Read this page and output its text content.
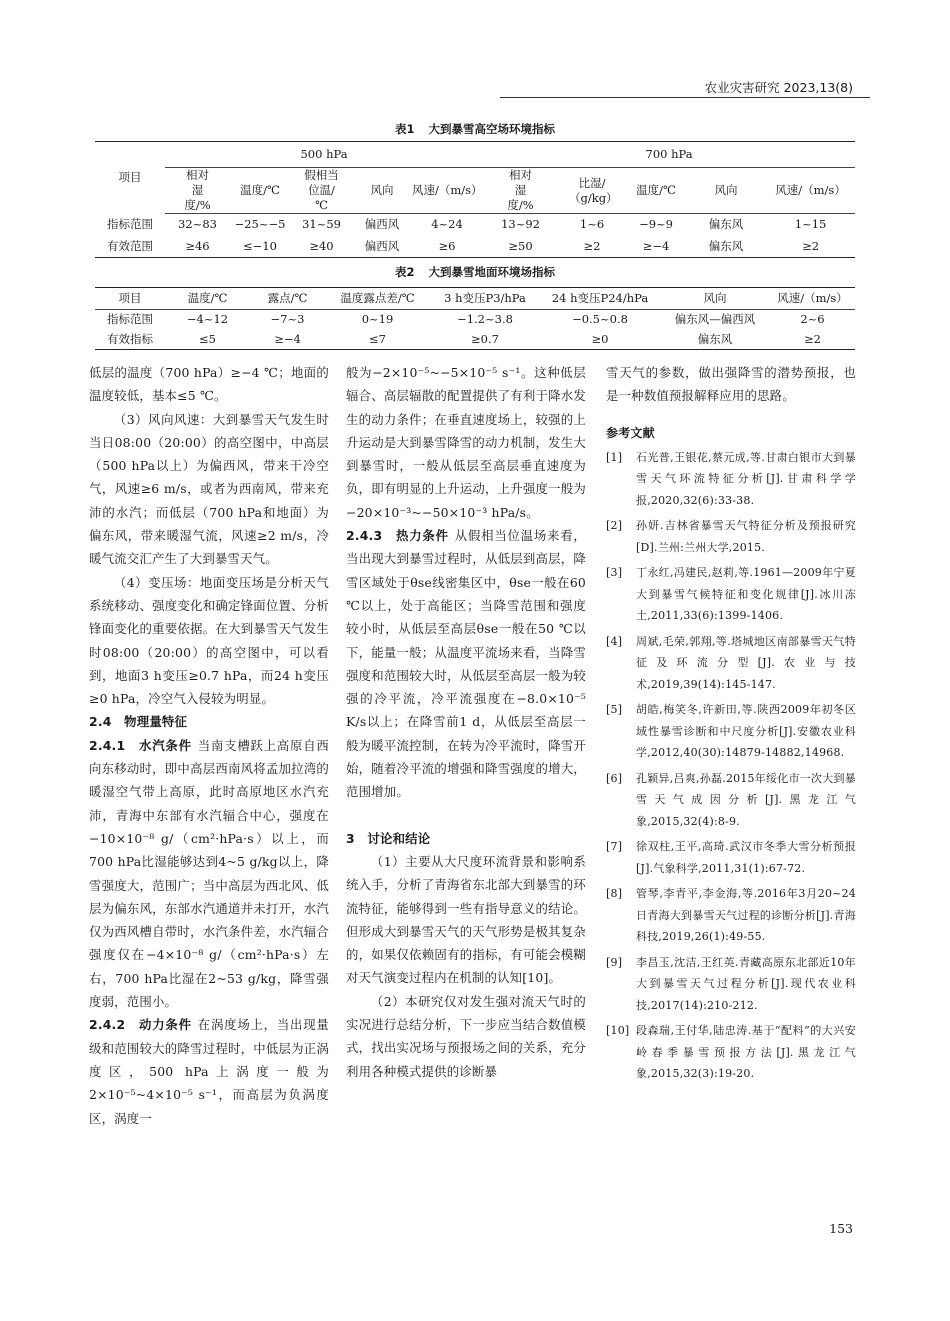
农业灾害研究 2023,13(8)
表1 大到暴雪高空场环境指标
项目	500 hPa					700 hPa				
	相对湿度/%	温度/℃	假相当位温/℃	风向	风速/（m/s）	相对湿度/%	比湿/（g/kg）	温度/℃	风向	风速/（m/s）
指标范围	32~83	−25~−5	31~59	偏西风	4~24	13~92	1~6	−9~9	偏东风	1~15
有效范围	≥46	≤−10	≥40	偏西风	≥6	≥50	≥2	≥−4	偏东风	≥2
表2 大到暴雪地面环境场指标
项目	温度/℃	露点/℃	温度露点差/℃	3 h变压P3/hPa	24 h变压P24/hPa	风向	风速/（m/s）
指标范围	−4~12	−7~3	0~19	−1.2~3.8	−0.5~0.8	偏东风—偏西风	2~6
有效指标	≤5	≥−4	≤7	≥0.7	≥0	偏东风	≥2

低层的温度（700 hPa）≥−4 ℃；地面的温度较低，基本≤5 ℃。

（3）风向风速：大到暴雪天气发生时当日08:00（20:00）的高空图中，中高层（500 hPa以上）为偏西风，带来干冷空气，风速≥6 m/s，或者为西南风，带来充沛的水汽；而低层（700 hPa和地面）为偏东风，带来暖湿气流，风速≥2 m/s，冷暖气流交汇产生了大到暴雪天气。

（4）变压场：地面变压场是分析天气系统移动、强度变化和确定锋面位置、分析锋面变化的重要依据。在大到暴雪天气发生时08:00（20:00）的高空图中，可以看到，地面3 h变压≥0.7 hPa，而24 h变压≥0 hPa，冷空气入侵较为明显。

2.4　物理量特征

2.4.1　水汽条件 当南支槽跃上高原自西向东移动时，即中高层西南风将孟加拉湾的暖湿空气带上高原，此时高原地区水汽充沛，青海中东部有水汽辐合中心，强度在−10×10⁻⁸ g/（cm²·hPa·s）以上，而700 hPa比湿能够达到4~5 g/kg以上，降雪强度大，范围广；当中高层为西北风、低层为偏东风，东部水汽通道并未打开，水汽仅为西风槽自带时，水汽条件差，水汽辐合强度仅在−4×10⁻⁸ g/（cm²·hPa·s）左右，700 hPa比湿在2~53 g/kg，降雪强度弱，范围小。

2.4.2　动力条件 在涡度场上，当出现量级和范围较大的降雪过程时，中低层为正涡度区，500 hPa上涡度一般为2×10⁻⁵~4×10⁻⁵ s⁻¹，而高层为负涡度区，涡度一

般为−2×10⁻⁵~−5×10⁻⁵ s⁻¹。这种低层辐合、高层辐散的配置提供了有利于降水发生的动力条件；在垂直速度场上，较强的上升运动是大到暴雪降雪的动力机制，发生大到暴雪时，一般从低层至高层垂直速度为负，即有明显的上升运动，上升强度一般为−20×10⁻³~−50×10⁻³ hPa/s。

2.4.3　热力条件 从假相当位温场来看，当出现大到暴雪过程时，从低层到高层，降雪区域处于θse线密集区中，θse一般在60 ℃以上，处于高能区；当降雪范围和强度较小时，从低层至高层θse一般在50 ℃以下，能量一般；从温度平流场来看，当降雪强度和范围较大时，从低层至高层一般为较强的冷平流，冷平流强度在−8.0×10⁻⁵ K/s以上；在降雪前1 d，从低层至高层一般为暖平流控制，在转为冷平流时，降雪开始，随着冷平流的增强和降雪强度的增大，范围增加。

3　讨论和结论

（1）主要从大尺度环流背景和影响系统入手，分析了青海省东北部大到暴雪的环流特征，能够得到一些有指导意义的结论。但形成大到暴雪天气的天气形势是极其复杂的，如果仅依赖固有的指标，有可能会模糊对天气演变过程内在机制的认知[10]。

（2）本研究仅对发生强对流天气时的实况进行总结分析，下一步应当结合数值模式，找出实况场与预报场之间的关系，充分利用各种模式提供的诊断暴

雪天气的参数，做出强降雪的潜势预报，也是一种数值预报解释应用的思路。

参考文献

[1]	石光普,王银花,蔡元成,等.甘肃白银市大到暴雪天气环流特征分析[J].甘肃科学学报,2020,32(6):33-38.
[2]	孙妍.吉林省暴雪天气特征分析及预报研究[D].兰州:兰州大学,2015.
[3]	丁永红,冯建民,赵莉,等.1961—2009年宁夏大到暴雪气候特征和变化规律[J].冰川冻土,2011,33(6):1399-1406.
[4]	周斌,毛荣,郭翔,等.塔城地区南部暴雪天气特征及环流分型[J].农业与技术,2019,39(14):145-147.
[5]	胡皓,梅笑冬,许新田,等.陕西2009年初冬区域性暴雪诊断和中尺度分析[J].安徽农业科学,2012,40(30):14879-14882,14968.
[6]	孔颖异,吕爽,孙磊.2015年绥化市一次大到暴雪天气成因分析[J].黑龙江气象,2015,32(4):8-9.
[7]	徐双柱,王平,高琦.武汉市冬季大雪分析预报[J].气象科学,2011,31(1):67-72.
[8]	管琴,李青平,李金海,等.2016年3月20~24日青海大到暴雪天气过程的诊断分析[J].青海科技,2019,26(1):49-55.
[9]	李昌玉,沈洁,王红英.青藏高原东北部近10年大到暴雪天气过程分析[J].现代农业科技,2017(14):210-212.
[10] 段森瑞,王付华,陆忠涛.基于“配料”的大兴安岭春季暴雪预报方法[J].黑龙江气象,2015,32(3):19-20.
153
